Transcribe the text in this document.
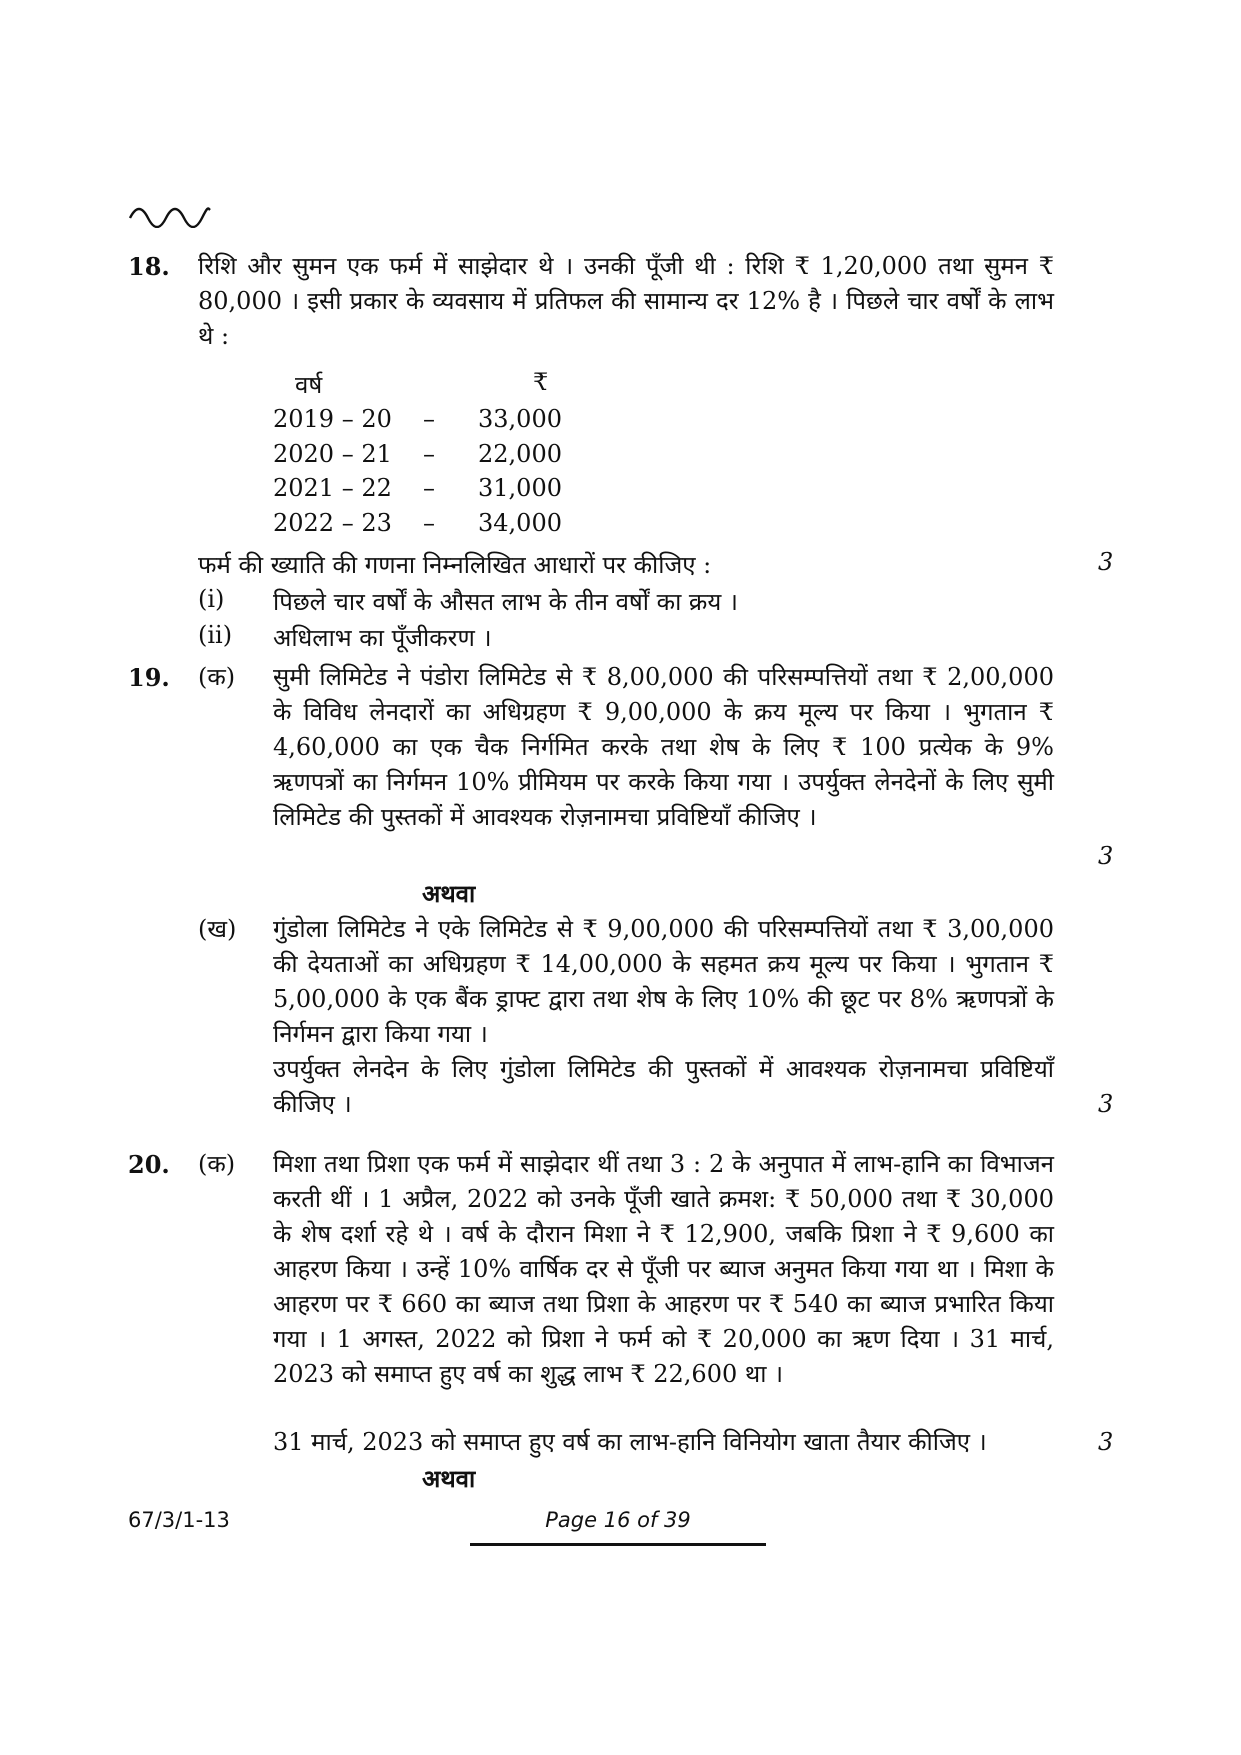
18. रिशि और सुमन एक फर्म में साझेदार थे । उनकी पूँजी थी : रिशि ₹ 1,20,000 तथा सुमन ₹ 80,000 । इसी प्रकार के व्यवसाय में प्रतिफल की सामान्य दर 12% है । पिछले चार वर्षों के लाभ थे :
वर्ष	₹
2019 – 20	–	33,000
2020 – 21	–	22,000
2021 – 22	–	31,000
2022 – 23	–	34,000
फर्म की ख्याति की गणना निम्नलिखित आधारों पर कीजिए :	3
(i) पिछले चार वर्षों के औसत लाभ के तीन वर्षों का क्रय ।
(ii) अधिलाभ का पूँजीकरण ।
19. (क) सुमी लिमिटेड ने पंडोरा लिमिटेड से ₹ 8,00,000 की परिसम्पत्तियों तथा ₹ 2,00,000 के विविध लेनदारों का अधिग्रहण ₹ 9,00,000 के क्रय मूल्य पर किया । भुगतान ₹ 4,60,000 का एक चैक निर्गमित करके तथा शेष के लिए ₹ 100 प्रत्येक के 9% ऋणपत्रों का निर्गमन 10% प्रीमियम पर करके किया गया । उपर्युक्त लेनदेनों के लिए सुमी लिमिटेड की पुस्तकों में आवश्यक रोज़नामचा प्रविष्टियाँ कीजिए ।
3
अथवा
(ख) गुंडोला लिमिटेड ने एके लिमिटेड से ₹ 9,00,000 की परिसम्पत्तियों तथा ₹ 3,00,000 की देयताओं का अधिग्रहण ₹ 14,00,000 के सहमत क्रय मूल्य पर किया । भुगतान ₹ 5,00,000 के एक बैंक ड्राफ्ट द्वारा तथा शेष के लिए 10% की छूट पर 8% ऋणपत्रों के निर्गमन द्वारा किया गया ।
उपर्युक्त लेनदेन के लिए गुंडोला लिमिटेड की पुस्तकों में आवश्यक रोज़नामचा प्रविष्टियाँ कीजिए ।	3
20. (क) मिशा तथा प्रिशा एक फर्म में साझेदार थीं तथा 3 : 2 के अनुपात में लाभ-हानि का विभाजन करती थीं । 1 अप्रैल, 2022 को उनके पूँजी खाते क्रमश: ₹ 50,000 तथा ₹ 30,000 के शेष दर्शा रहे थे । वर्ष के दौरान मिशा ने ₹ 12,900, जबकि प्रिशा ने ₹ 9,600 का आहरण किया । उन्हें 10% वार्षिक दर से पूँजी पर ब्याज अनुमत किया गया था । मिशा के आहरण पर ₹ 660 का ब्याज तथा प्रिशा के आहरण पर ₹ 540 का ब्याज प्रभारित किया गया । 1 अगस्त, 2022 को प्रिशा ने फर्म को ₹ 20,000 का ऋण दिया । 31 मार्च, 2023 को समाप्त हुए वर्ष का शुद्ध लाभ ₹ 22,600 था ।
31 मार्च, 2023 को समाप्त हुए वर्ष का लाभ-हानि विनियोग खाता तैयार कीजिए ।	3
अथवा
67/3/1-13	Page 16 of 39
